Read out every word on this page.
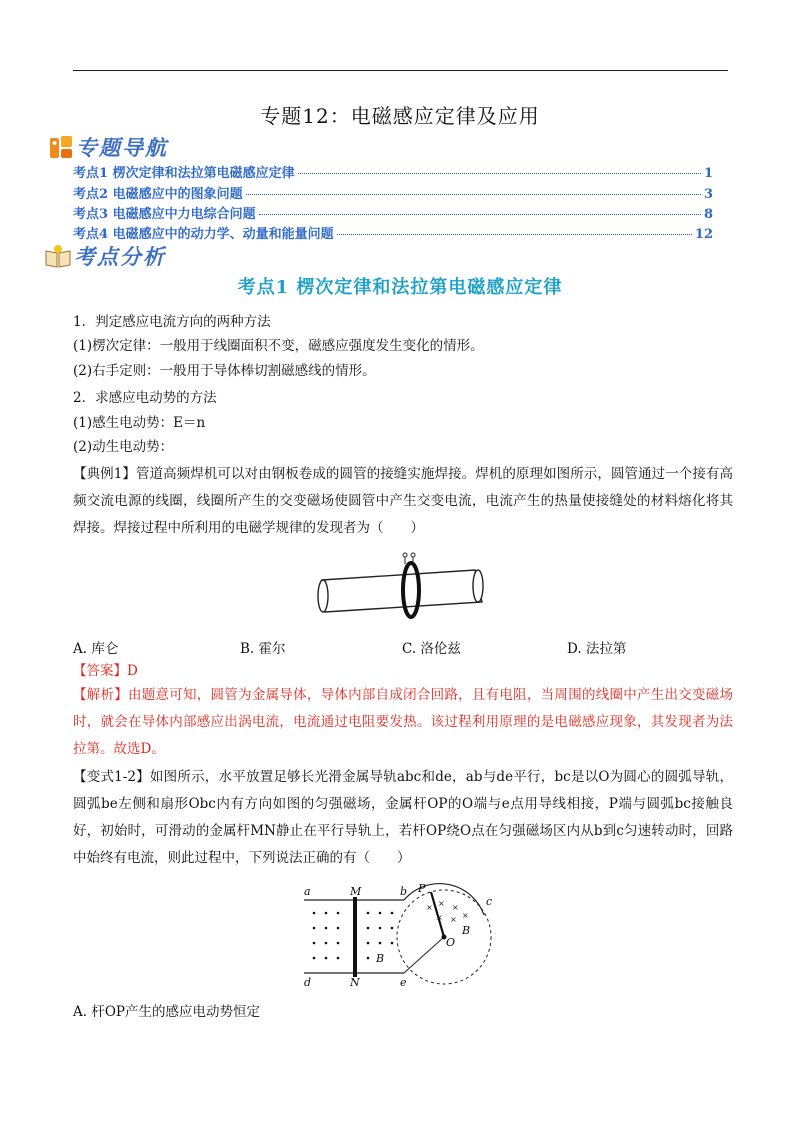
专题12：电磁感应定律及应用
专题导航
考点1 楞次定律和法拉第电磁感应定律	1
考点2 电磁感应中的图象问题	3
考点3 电磁感应中力电综合问题	8
考点4 电磁感应中的动力学、动量和能量问题	12
考点分析
考点1 楞次定律和法拉第电磁感应定律
1．判定感应电流方向的两种方法
(1)楞次定律：一般用于线圈面积不变，磁感应强度发生变化的情形。
(2)右手定则：一般用于导体棒切割磁感线的情形。
2．求感应电动势的方法
(1)感生电动势：E＝n
(2)动生电动势：
【典例1】管道高频焊机可以对由钢板卷成的圆管的接缝实施焊接。焊机的原理如图所示，圆管通过一个接有高频交流电源的线圈，线圈所产生的交变磁场使圆管中产生交变电流，电流产生的热量使接缝处的材料熔化将其焊接。焊接过程中所利用的电磁学规律的发现者为（　　）
A. 库仑	B. 霍尔	C. 洛伦兹	D. 法拉第
【答案】D
【解析】由题意可知，圆管为金属导体，导体内部自成闭合回路，且有电阻，当周围的线圈中产生出交变磁场时，就会在导体内部感应出涡电流，电流通过电阻要发热。该过程利用原理的是电磁感应现象，其发现者为法拉第。故选D。
【变式1-2】如图所示，水平放置足够长光滑金属导轨abc和de，ab与de平行，bc是以O为圆心的圆弧导轨，圆弧be左侧和扇形Obc内有方向如图的匀强磁场，金属杆OP的O端与e点用导线相接，P端与圆弧bc接触良好，初始时，可滑动的金属杆MN静止在平行导轨上，若杆OP绕O点在匀强磁场区内从b到c匀速转动时，回路中始终有电流，则此过程中，下列说法正确的有（　　）
× × ×
× × ×
a	M	b P
c
B
O
B
d	N	e
A. 杆OP产生的感应电动势恒定
